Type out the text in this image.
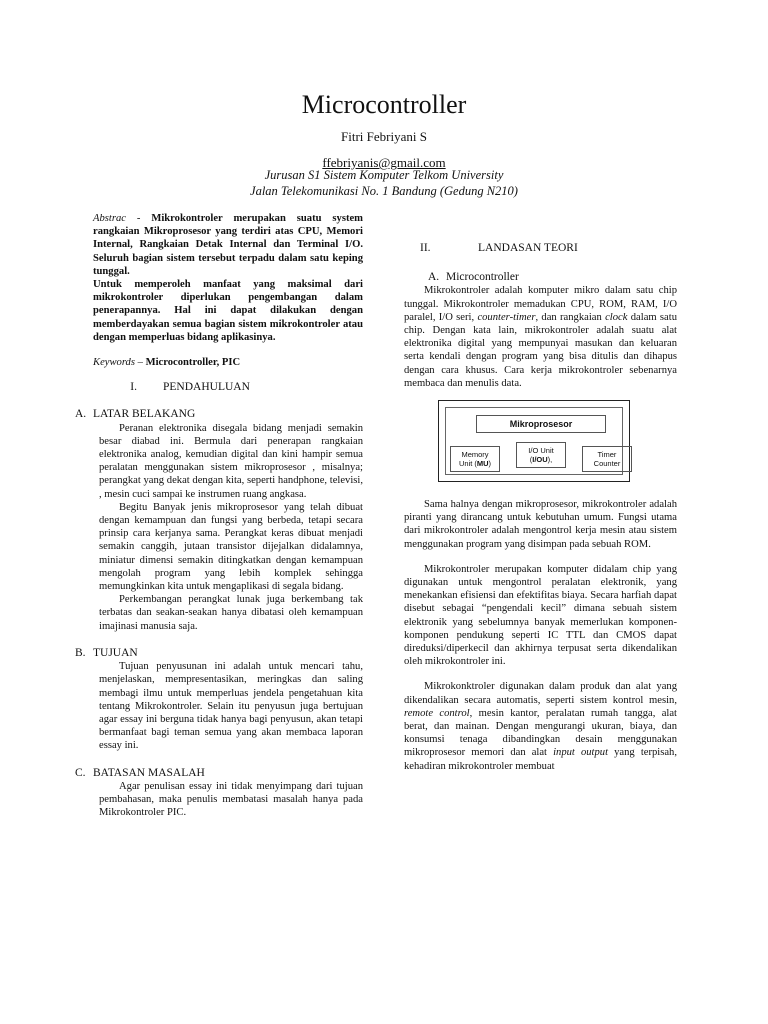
Microcontroller
Fitri Febriyani S
ffebriyanis@gmail.com
Jurusan S1 Sistem Komputer Telkom University
Jalan Telekomunikasi No. 1 Bandung (Gedung N210)
Abstrac - Mikrokontroler merupakan suatu system rangkaian Mikroprosesor yang terdiri atas CPU, Memori Internal, Rangkaian Detak Internal dan Terminal I/O. Seluruh bagian sistem tersebut terpadu dalam satu keping tunggal.
Untuk memperoleh manfaat yang maksimal dari mikrokontroler diperlukan pengembangan dalam penerapannya. Hal ini dapat dilakukan dengan memberdayakan semua bagian sistem mikrokontroler atau dengan memperluas bidang aplikasinya.
Keywords – Microcontroller, PIC
I.	PENDAHULUAN
A. LATAR BELAKANG

Peranan elektronika disegala bidang menjadi semakin besar diabad ini. Bermula dari penerapan rangkaian elektronika analog, kemudian digital dan kini hampir semua peralatan menggunakan sistem mikroprosesor , misalnya; perangkat yang dekat dengan kita, seperti handphone, televisi, , mesin cuci sampai ke instrumen ruang angkasa.

Begitu Banyak jenis mikroprosesor yang telah dibuat dengan kemampuan dan fungsi yang berbeda, tetapi secara prinsip cara kerjanya sama. Perangkat keras dibuat menjadi semakin canggih, jutaan transistor dijejalkan didalamnya, miniatur dimensi semakin ditingkatkan dengan kemampuan mengolah program yang lebih komplek sehingga memungkinkan kita untuk mengaplikasi di segala bidang.

Perkembangan perangkat lunak juga berkembang tak terbatas dan seakan-seakan hanya dibatasi oleh kemampuan imajinasi manusia saja.

B. TUJUAN

Tujuan penyusunan ini adalah untuk mencari tahu, menjelaskan, mempresentasikan, meringkas dan saling membagi ilmu untuk memperluas jendela pengetahuan kita tentang Mikrokontroler. Selain itu penyusun juga bertujuan agar essay ini berguna tidak hanya bagi penyusun, akan tetapi bermanfaat bagi teman semua yang akan membaca laporan essay ini.

C. BATASAN MASALAH

Agar penulisan essay ini tidak menyimpang dari tujuan pembahasan, maka penulis membatasi masalah hanya pada Mikrokontroler PIC.

II.	LANDASAN TEORI
A. Microcontroller

Mikrokontroler adalah komputer mikro dalam satu chip tunggal. Mikrokontroler memadukan CPU, ROM, RAM, I/O paralel, I/O seri, counter-timer, dan rangkaian clock dalam satu chip. Dengan kata lain, mikrokontroler adalah suatu alat elektronika digital yang mempunyai masukan dan keluaran serta kendali dengan program yang bisa ditulis dan dihapus dengan cara khusus. Cara kerja mikrokontroler sebenarnya membaca dan menulis data.

Mikroprosesor
Memory
Unit (MU)
I/O Unit
(I/OU),
Timer
Counter

Sama halnya dengan mikroprosesor, mikrokontroler adalah piranti yang dirancang untuk kebutuhan umum. Fungsi utama dari mikrokontroler adalah mengontrol kerja mesin atau sistem menggunakan program yang disimpan pada sebuah ROM.

Mikrokontroler merupakan komputer didalam chip yang digunakan untuk mengontrol peralatan elektronik, yang menekankan efisiensi dan efektifitas biaya. Secara harfiah dapat disebut sebagai “pengendali kecil” dimana sebuah sistem elektronik yang sebelumnya banyak memerlukan komponen-komponen pendukung seperti IC TTL dan CMOS dapat direduksi/diperkecil dan akhirnya terpusat serta dikendalikan oleh mikrokontroler ini.

Mikrokonktroler digunakan dalam produk dan alat yang dikendalikan secara automatis, seperti sistem kontrol mesin, remote control, mesin kantor, peralatan rumah tangga, alat berat, dan mainan. Dengan mengurangi ukuran, biaya, dan konsumsi tenaga dibandingkan desain menggunakan mikroprosesor memori dan alat input output yang terpisah, kehadiran mikrokontroler membuat
